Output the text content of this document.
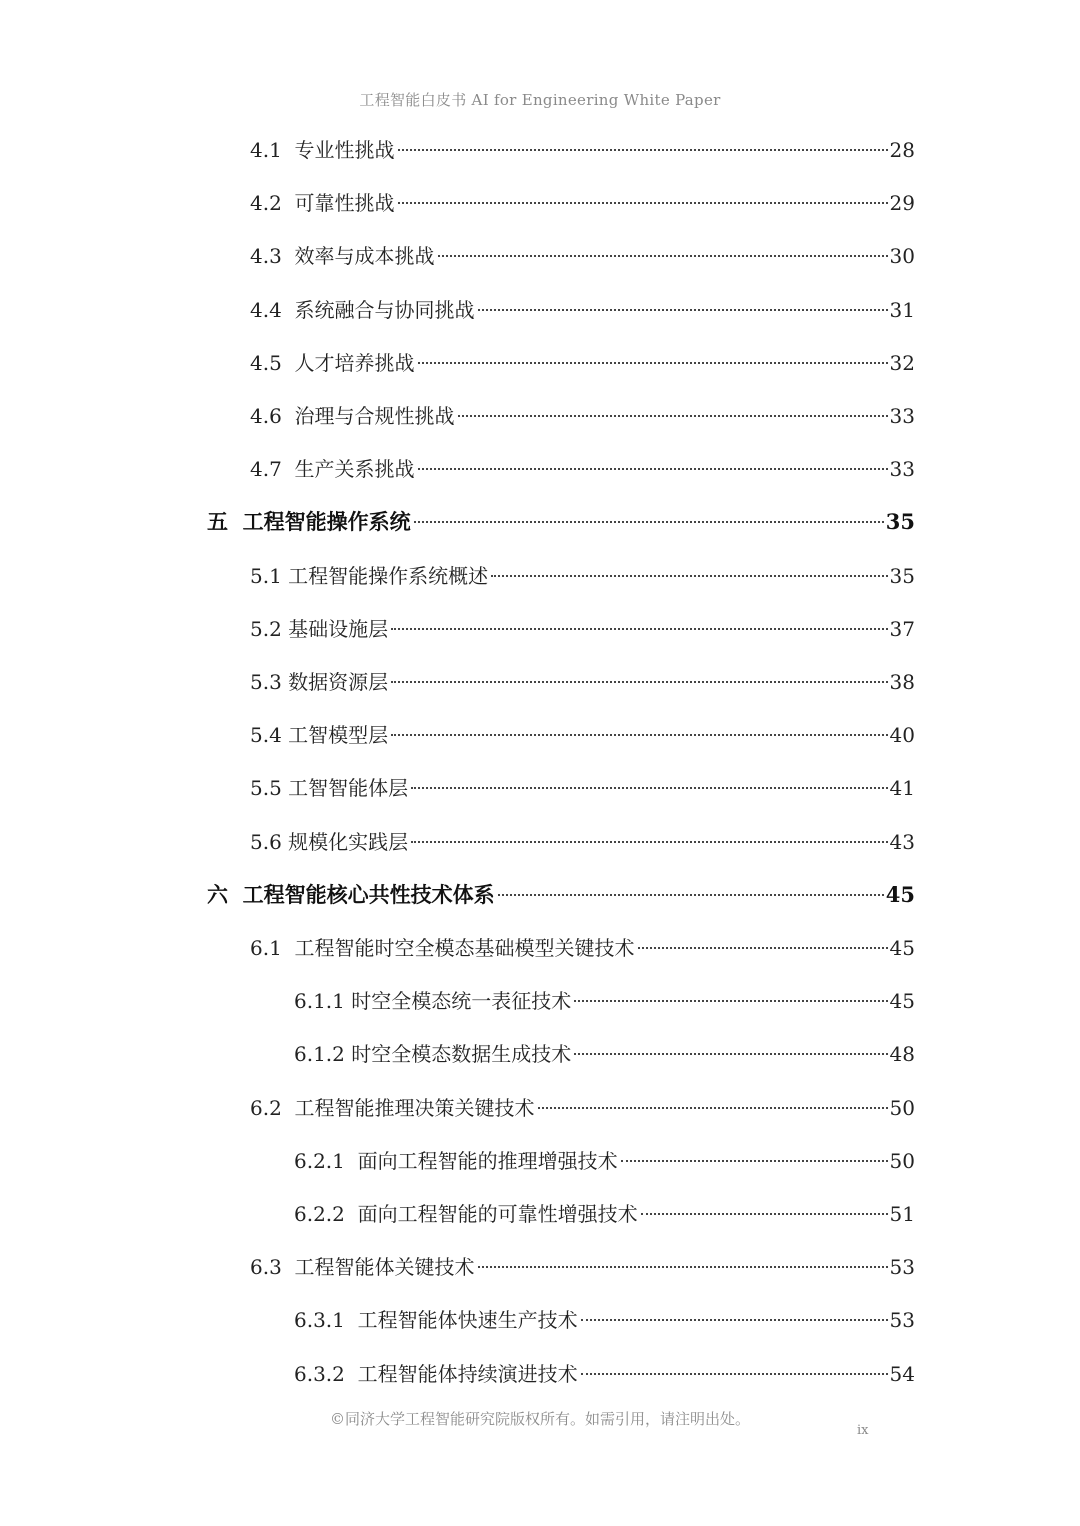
工程智能白皮书 AI for Engineering White Paper
4.1 专业性挑战	28
4.2 可靠性挑战	29
4.3 效率与成本挑战	30
4.4 系统融合与协同挑战	31
4.5 人才培养挑战	32
4.6 治理与合规性挑战	33
4.7 生产关系挑战	33
五 工程智能操作系统	35
5.1 工程智能操作系统概述	35
5.2 基础设施层	37
5.3 数据资源层	38
5.4 工智模型层	40
5.5 工智智能体层	41
5.6 规模化实践层	43
六 工程智能核心共性技术体系	45
6.1 工程智能时空全模态基础模型关键技术	45
6.1.1 时空全模态统一表征技术	45
6.1.2 时空全模态数据生成技术	48
6.2 工程智能推理决策关键技术	50
6.2.1 面向工程智能的推理增强技术	50
6.2.2 面向工程智能的可靠性增强技术	51
6.3 工程智能体关键技术	53
6.3.1 工程智能体快速生产技术	53
6.3.2 工程智能体持续演进技术	54
©同济大学工程智能研究院版权所有。如需引用，请注明出处。
ix
